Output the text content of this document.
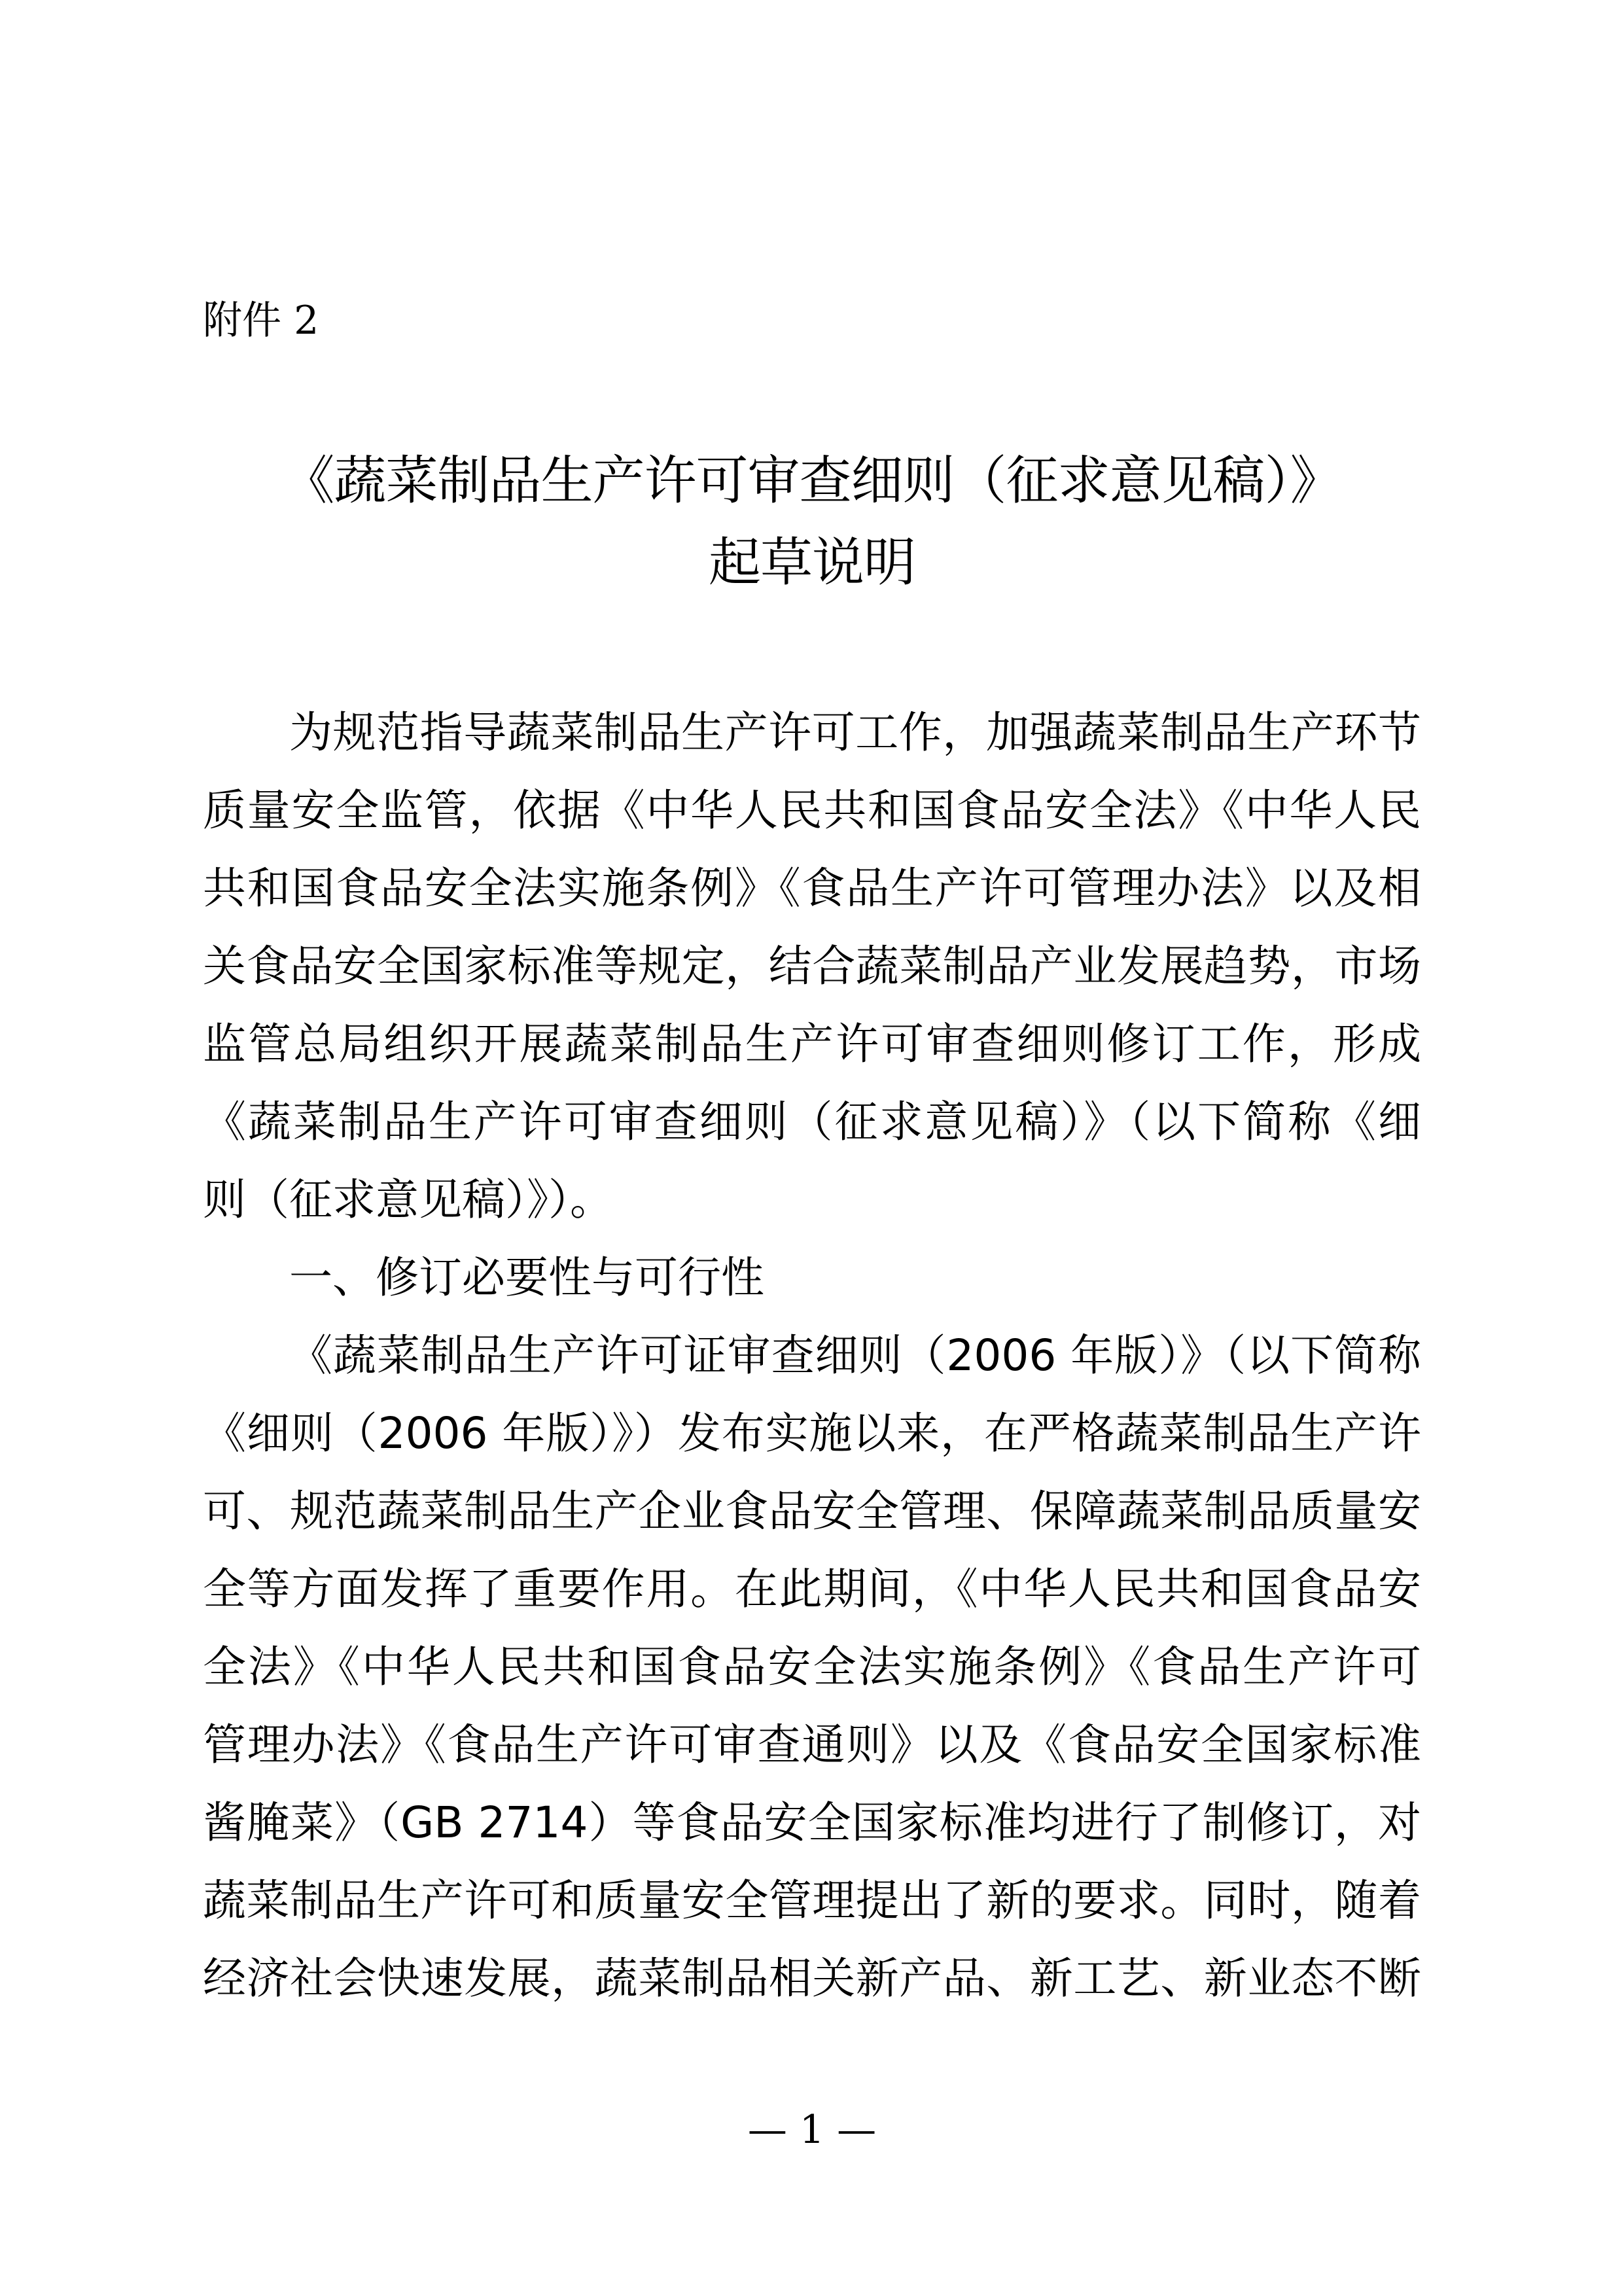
附件 2
《蔬菜制品生产许可审查细则（征求意见稿）》
起草说明
为规范指导蔬菜制品生产许可工作，加强蔬菜制品生产环节
质量安全监管，依据《中华人民共和国食品安全法》《中华人民
共和国食品安全法实施条例》《食品生产许可管理办法》以及相
关食品安全国家标准等规定，结合蔬菜制品产业发展趋势，市场
监管总局组织开展蔬菜制品生产许可审查细则修订工作，形成
《蔬菜制品生产许可审查细则（征求意见稿）》（以下简称《细
则（征求意见稿）》）。
一、修订必要性与可行性
《蔬菜制品生产许可证审查细则（2006 年版）》（以下简称
《细则（2006 年版）》）发布实施以来，在严格蔬菜制品生产许
可、规范蔬菜制品生产企业食品安全管理、保障蔬菜制品质量安
全等方面发挥了重要作用。在此期间，《中华人民共和国食品安
全法》《中华人民共和国食品安全法实施条例》《食品生产许可
管理办法》《食品生产许可审查通则》以及《食品安全国家标准
酱腌菜》（GB 2714）等食品安全国家标准均进行了制修订，对
蔬菜制品生产许可和质量安全管理提出了新的要求。同时，随着
经济社会快速发展，蔬菜制品相关新产品、新工艺、新业态不断
— 1 —
